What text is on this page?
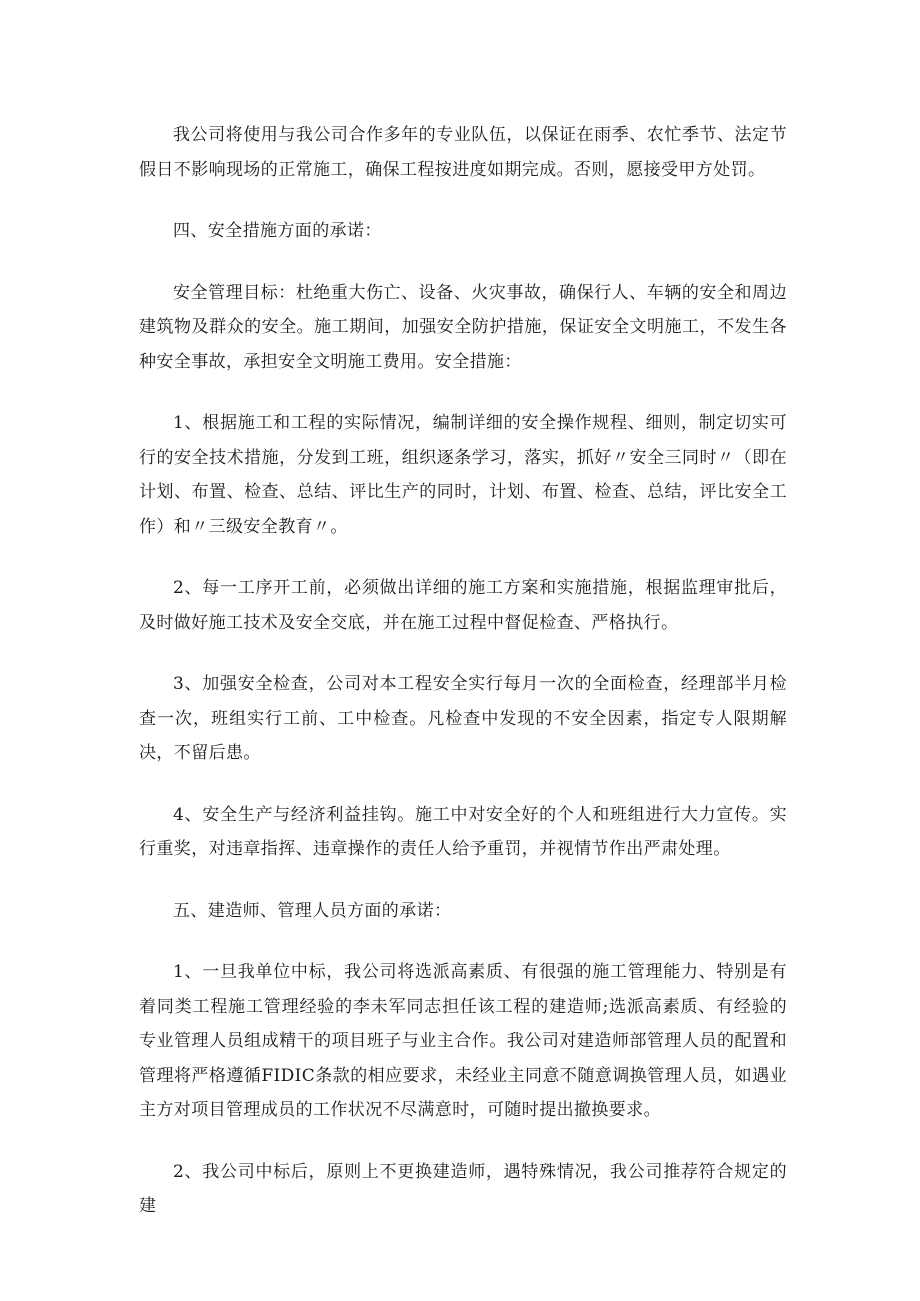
我公司将使用与我公司合作多年的专业队伍，以保证在雨季、农忙季节、法定节假日不影响现场的正常施工，确保工程按进度如期完成。否则，愿接受甲方处罚。

四、安全措施方面的承诺：

安全管理目标：杜绝重大伤亡、设备、火灾事故，确保行人、车辆的安全和周边建筑物及群众的安全。施工期间，加强安全防护措施，保证安全文明施工，不发生各种安全事故，承担安全文明施工费用。安全措施：

1、根据施工和工程的实际情况，编制详细的安全操作规程、细则，制定切实可行的安全技术措施，分发到工班，组织逐条学习，落实，抓好〃安全三同时〃（即在计划、布置、检查、总结、评比生产的同时，计划、布置、检查、总结，评比安全工作）和〃三级安全教育〃。

2、每一工序开工前，必须做出详细的施工方案和实施措施，根据监理审批后，及时做好施工技术及安全交底，并在施工过程中督促检查、严格执行。

3、加强安全检查，公司对本工程安全实行每月一次的全面检查，经理部半月检查一次，班组实行工前、工中检查。凡检查中发现的不安全因素，指定专人限期解决，不留后患。

4、安全生产与经济利益挂钩。施工中对安全好的个人和班组进行大力宣传。实行重奖，对违章指挥、违章操作的责任人给予重罚，并视情节作出严肃处理。

五、建造师、管理人员方面的承诺：

1、一旦我单位中标，我公司将选派高素质、有很强的施工管理能力、特别是有着同类工程施工管理经验的李未军同志担任该工程的建造师;选派高素质、有经验的专业管理人员组成精干的项目班子与业主合作。我公司对建造师部管理人员的配置和管理将严格遵循FIDIC条款的相应要求，未经业主同意不随意调换管理人员，如遇业主方对项目管理成员的工作状况不尽满意时，可随时提出撤换要求。

2、我公司中标后，原则上不更换建造师，遇特殊情况，我公司推荐符合规定的建
